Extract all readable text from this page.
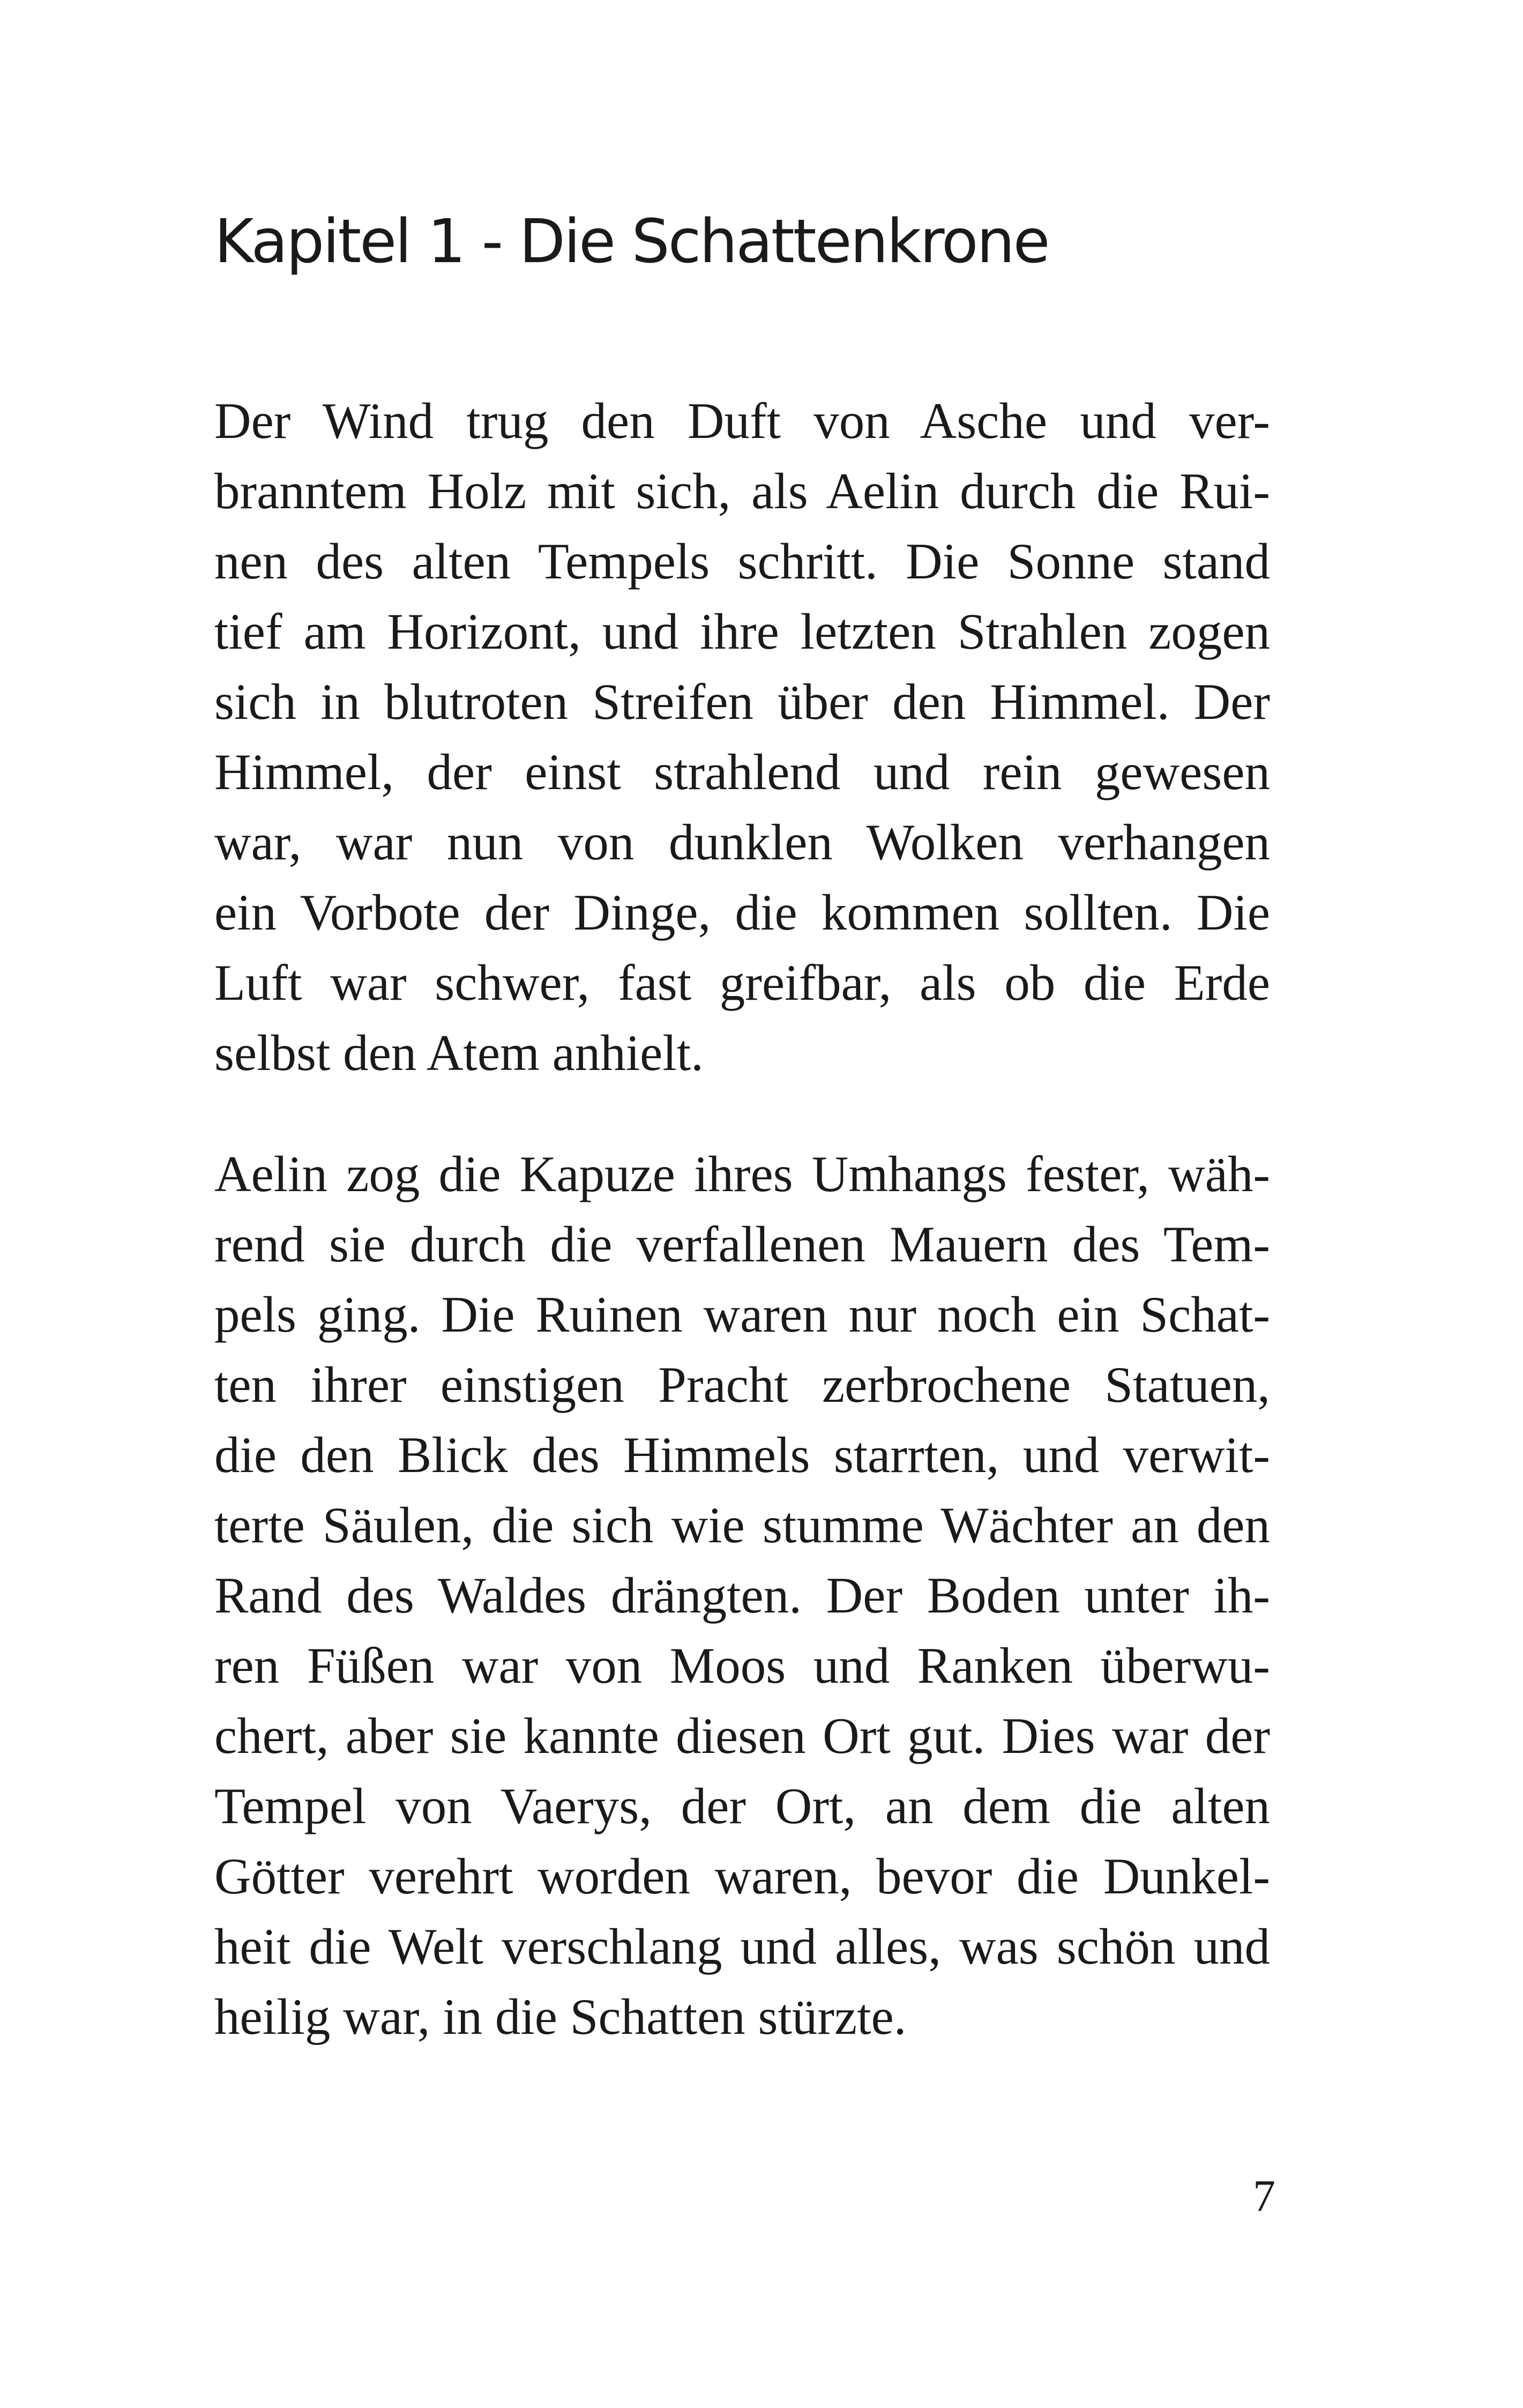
Kapitel 1 - Die Schattenkrone
Der Wind trug den Duft von Asche und ver-
branntem Holz mit sich, als Aelin durch die Rui-
nen des alten Tempels schritt. Die Sonne stand
tief am Horizont, und ihre letzten Strahlen zogen
sich in blutroten Streifen über den Himmel. Der
Himmel, der einst strahlend und rein gewesen
war, war nun von dunklen Wolken verhangen
ein Vorbote der Dinge, die kommen sollten. Die
Luft war schwer, fast greifbar, als ob die Erde
selbst den Atem anhielt.
Aelin zog die Kapuze ihres Umhangs fester, wäh-
rend sie durch die verfallenen Mauern des Tem-
pels ging. Die Ruinen waren nur noch ein Schat-
ten ihrer einstigen Pracht zerbrochene Statuen,
die den Blick des Himmels starrten, und verwit-
terte Säulen, die sich wie stumme Wächter an den
Rand des Waldes drängten. Der Boden unter ih-
ren Füßen war von Moos und Ranken überwu-
chert, aber sie kannte diesen Ort gut. Dies war der
Tempel von Vaerys, der Ort, an dem die alten
Götter verehrt worden waren, bevor die Dunkel-
heit die Welt verschlang und alles, was schön und
heilig war, in die Schatten stürzte.
7
